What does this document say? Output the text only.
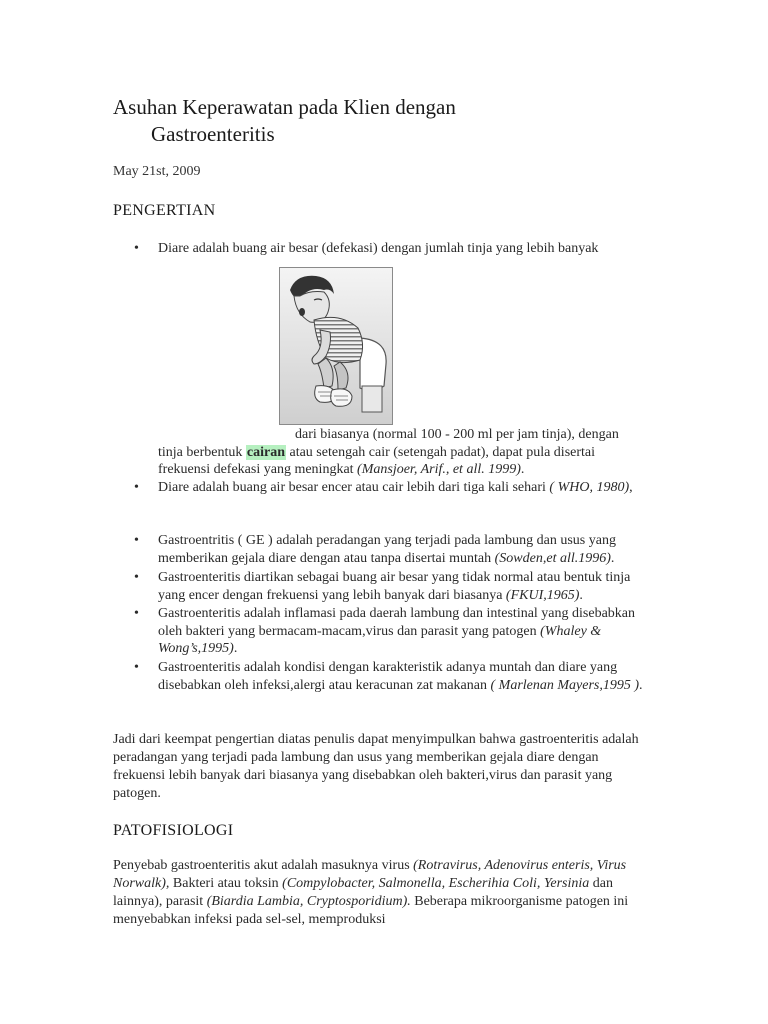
Asuhan Keperawatan pada Klien dengan
Gastroenteritis
May 21st, 2009
PENGERTIAN
• Diare adalah buang air besar (defekasi) dengan jumlah tinja yang lebih banyak
dari biasanya (normal 100 - 200 ml per jam tinja), dengan
tinja berbentuk cairan atau setengah cair (setengah padat), dapat pula disertai
frekuensi defekasi yang meningkat (Mansjoer, Arif., et all. 1999).
• Diare adalah buang air besar encer atau cair lebih dari tiga kali sehari ( WHO, 1980),
• Gastroentritis ( GE ) adalah peradangan yang terjadi pada lambung dan usus yang memberikan gejala diare dengan atau tanpa disertai muntah (Sowden,et all.1996).
• Gastroenteritis diartikan sebagai buang air besar yang tidak normal atau bentuk tinja yang encer dengan frekuensi yang lebih banyak dari biasanya (FKUI,1965).
• Gastroenteritis adalah inflamasi pada daerah lambung dan intestinal yang disebabkan oleh bakteri yang bermacam-macam,virus dan parasit yang patogen (Whaley & Wong’s,1995).
• Gastroenteritis adalah kondisi dengan karakteristik adanya muntah dan diare yang disebabkan oleh infeksi,alergi atau keracunan zat makanan ( Marlenan Mayers,1995 ).
Jadi dari keempat pengertian diatas penulis dapat menyimpulkan bahwa gastroenteritis adalah peradangan yang terjadi pada lambung dan usus yang memberikan gejala diare dengan frekuensi lebih banyak dari biasanya yang disebabkan oleh bakteri,virus dan parasit yang patogen.
PATOFISIOLOGI
Penyebab gastroenteritis akut adalah masuknya virus (Rotravirus, Adenovirus enteris, Virus Norwalk), Bakteri atau toksin (Compylobacter, Salmonella, Escherihia Coli, Yersinia dan lainnya), parasit (Biardia Lambia, Cryptosporidium). Beberapa mikroorganisme patogen ini menyebabkan infeksi pada sel-sel, memproduksi
